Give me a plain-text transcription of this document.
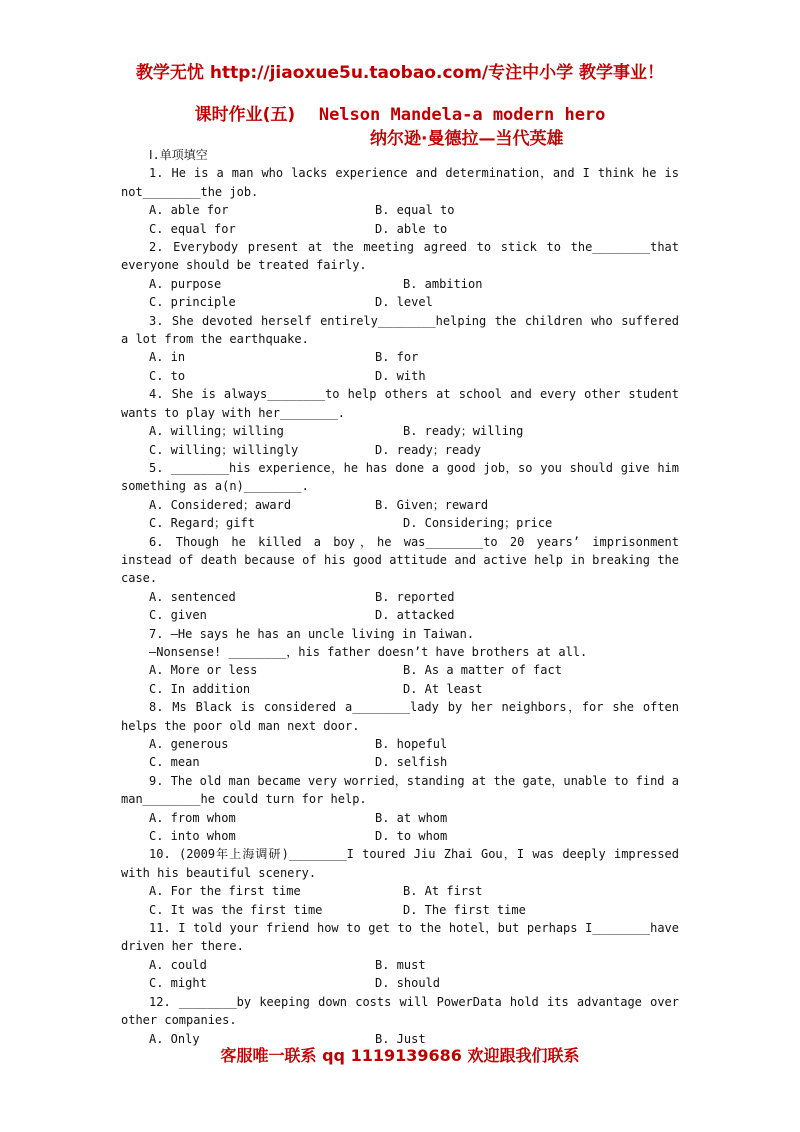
教学无忧 http://jiaoxue5u.taobao.com/专注中小学 教学事业！
课时作业(五) Nelson Mandela-a modern hero
纳尔逊·曼德拉—当代英雄
Ⅰ.单项填空

1. He is a man who lacks experience and determination，and I think he is not________the job.

A. able for	B. equal to
C. equal for	D. able to

2. Everybody present at the meeting agreed to stick to the________that everyone should be treated fairly.

A. purpose	B. ambition
C. principle	D. level

3. She devoted herself entirely________helping the children who suffered a lot from the earthquake.

A. in	B. for
C. to	D. with

4. She is always________to help others at school and every other student wants to play with her________.

A. willing；willing	B. ready；willing
C. willing；willingly	D. ready；ready

5. ________his experience，he has done a good job，so you should give him something as a(n)________.

A. Considered；award	B. Given；reward
C. Regard；gift	D. Considering；price

6. Though he killed a boy，he was________to 20 years’ imprisonment instead of death because of his good attitude and active help in breaking the case.

A. sentenced	B. reported
C. given	D. attacked

7. —He says he has an uncle living in Taiwan.

—Nonsense! ________，his father doesn’t have brothers at all.

A. More or less	B. As a matter of fact
C. In addition	D. At least

8. Ms Black is considered a________lady by her neighbors，for she often helps the poor old man next door.

A. generous	B. hopeful
C. mean	D. selfish

9. The old man became very worried，standing at the gate，unable to find a man________he could turn for help.

A. from whom	B. at whom
C. into whom	D. to whom

10. (2009年上海调研)________I toured Jiu Zhai Gou，I was deeply impressed with his beautiful scenery.

A. For the first time	B. At first
C. It was the first time	D. The first time

11. I told your friend how to get to the hotel，but perhaps I________have driven her there.

A. could	B. must
C. might	D. should

12. ________by keeping down costs will PowerData hold its advantage over other companies.

A. Only	B. Just
客服唯一联系 qq 1119139686 欢迎跟我们联系
